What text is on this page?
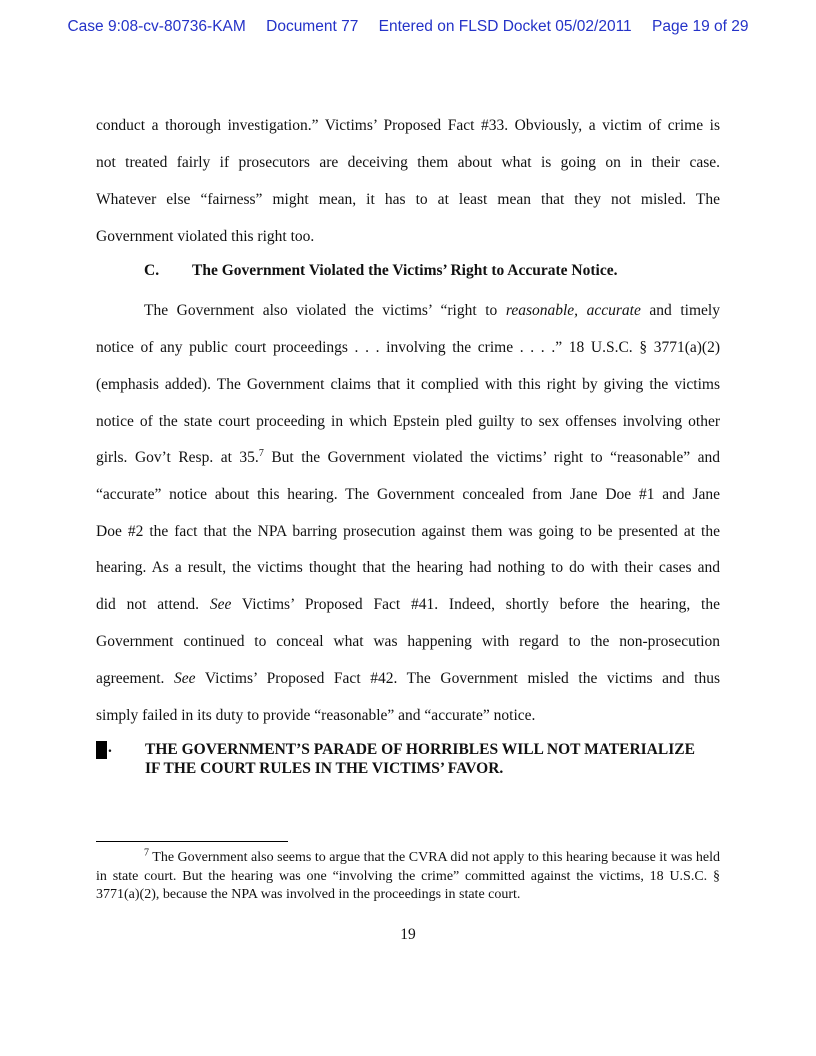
Case 9:08-cv-80736-KAM Document 77 Entered on FLSD Docket 05/02/2011 Page 19 of 29
conduct a thorough investigation.” Victims’ Proposed Fact #33. Obviously, a victim of crime is
not treated fairly if prosecutors are deceiving them about what is going on in their case.
Whatever else “fairness” might mean, it has to at least mean that they not misled. The
Government violated this right too.
C. The Government Violated the Victims’ Right to Accurate Notice.
The Government also violated the victims’ “right to reasonable, accurate and timely
notice of any public court proceedings . . . involving the crime . . . .” 18 U.S.C. § 3771(a)(2)
(emphasis added). The Government claims that it complied with this right by giving the victims
notice of the state court proceeding in which Epstein pled guilty to sex offenses involving other
girls. Gov’t Resp. at 35.$^7$ But the Government violated the victims’ right to “reasonable” and
“accurate” notice about this hearing. The Government concealed from Jane Doe #1 and Jane
Doe #2 the fact that the NPA barring prosecution against them was going to be presented at the
hearing. As a result, the victims thought that the hearing had nothing to do with their cases and
did not attend. See Victims’ Proposed Fact #41. Indeed, shortly before the hearing, the
Government continued to conceal what was happening with regard to the non-prosecution
agreement. See Victims’ Proposed Fact #42. The Government misled the victims and thus
simply failed in its duty to provide “reasonable” and “accurate” notice.
. THE GOVERNMENT’S PARADE OF HORRIBLES WILL NOT MATERIALIZE
IF THE COURT RULES IN THE VICTIMS’ FAVOR.
$^7$ The Government also seems to argue that the CVRA did not apply to this hearing because it was held in state court. But the hearing was one “involving the crime” committed against the victims, 18 U.S.C. § 3771(a)(2), because the NPA was involved in the proceedings in state court.
19
